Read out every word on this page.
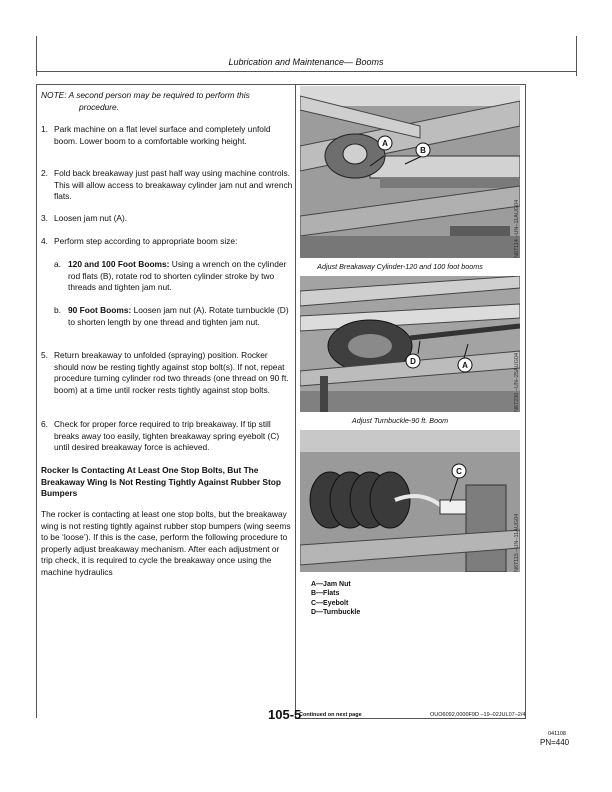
Lubrication and Maintenance— Booms
NOTE: A second person may be required to perform this
procedure.
1. Park machine on a flat level surface and completely unfold boom. Lower boom to a comfortable working height.
2. Fold back breakaway just past half way using machine controls. This will allow access to breakaway cylinder jam nut and wrench flats.
3. Loosen jam nut (A).
4. Perform step according to appropriate boom size:
a. 120 and 100 Foot Booms: Using a wrench on the cylinder rod flats (B), rotate rod to shorten cylinder stroke by two threads and tighten jam nut.
b. 90 Foot Booms: Loosen jam nut (A). Rotate turnbuckle (D) to shorten length by one thread and tighten jam nut.
5. Return breakaway to unfolded (spraying) position. Rocker should now be resting tightly against stop bolt(s). If not, repeat procedure turning cylinder rod two threads (one thread on 90 ft. boom) at a time until rocker rests tightly against stop bolts.
6. Check for proper force required to trip breakaway. If tip still breaks away too easily, tighten breakaway spring eyebolt (C) until desired breakaway force is achieved.
Rocker Is Contacting At Least One Stop Bolts, But The Breakaway Wing Is Not Resting Tightly Against Rubber Stop Bumpers
The rocker is contacting at least one stop bolts, but the breakaway wing is not resting tightly against rubber stop bumpers (wing seems to be ‘loose’). If this is the case, perform the following procedure to properly adjust breakaway mechanism. After each adjustment or trip check, it is required to cycle the breakaway once using the machine hydraulics
A
B
N67114 –UN–11AUG04
Adjust Breakaway Cylinder-120 and 100 foot booms
D	A	N67230 –UN–25AUG04
Adjust Turnbuckle-90 ft. Boom
C
N67115 –UN–11AUG04
A—Jam Nut
B—Flats
C—Eyebolt
D—Turnbuckle
Continued on next page	OUO6092,0000F9D –19–02JUL07–2/4
105-5
041108
PN=440
